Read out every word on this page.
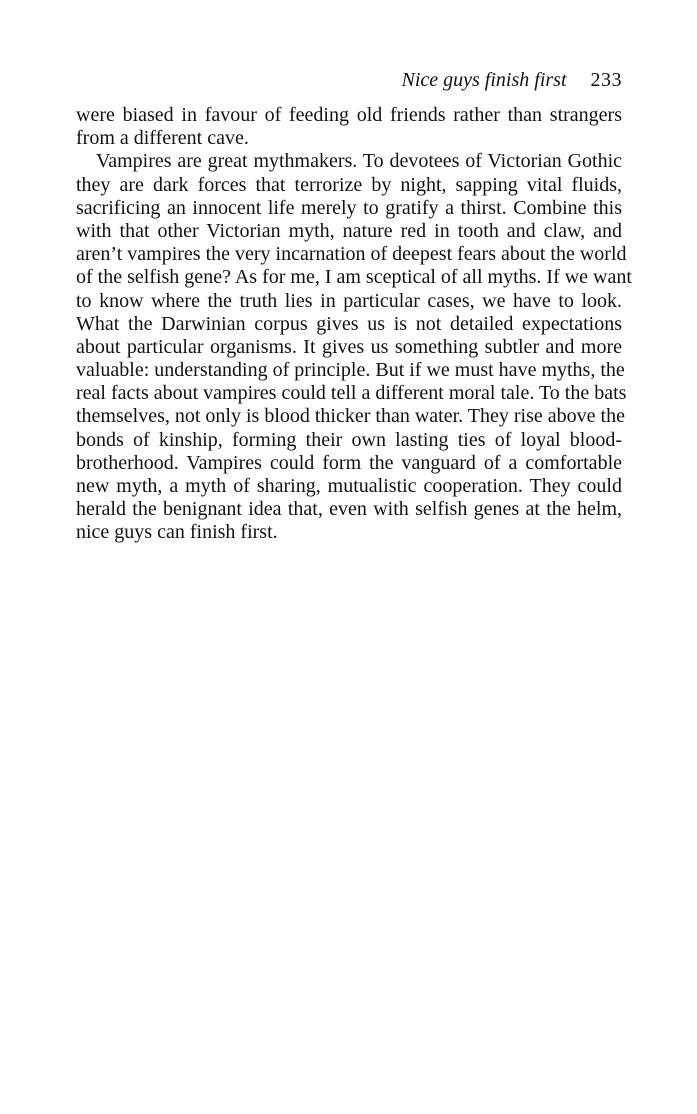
Nice guys finish first 233
were biased in favour of feeding old friends rather than strangers
from a different cave.
Vampires are great mythmakers. To devotees of Victorian Gothic
they are dark forces that terrorize by night, sapping vital fluids,
sacrificing an innocent life merely to gratify a thirst. Combine this
with that other Victorian myth, nature red in tooth and claw, and
aren’t vampires the very incarnation of deepest fears about the world
of the selfish gene? As for me, I am sceptical of all myths. If we want
to know where the truth lies in particular cases, we have to look.
What the Darwinian corpus gives us is not detailed expectations
about particular organisms. It gives us something subtler and more
valuable: understanding of principle. But if we must have myths, the
real facts about vampires could tell a different moral tale. To the bats
themselves, not only is blood thicker than water. They rise above the
bonds of kinship, forming their own lasting ties of loyal blood-
brotherhood. Vampires could form the vanguard of a comfortable
new myth, a myth of sharing, mutualistic cooperation. They could
herald the benignant idea that, even with selfish genes at the helm,
nice guys can finish first.
